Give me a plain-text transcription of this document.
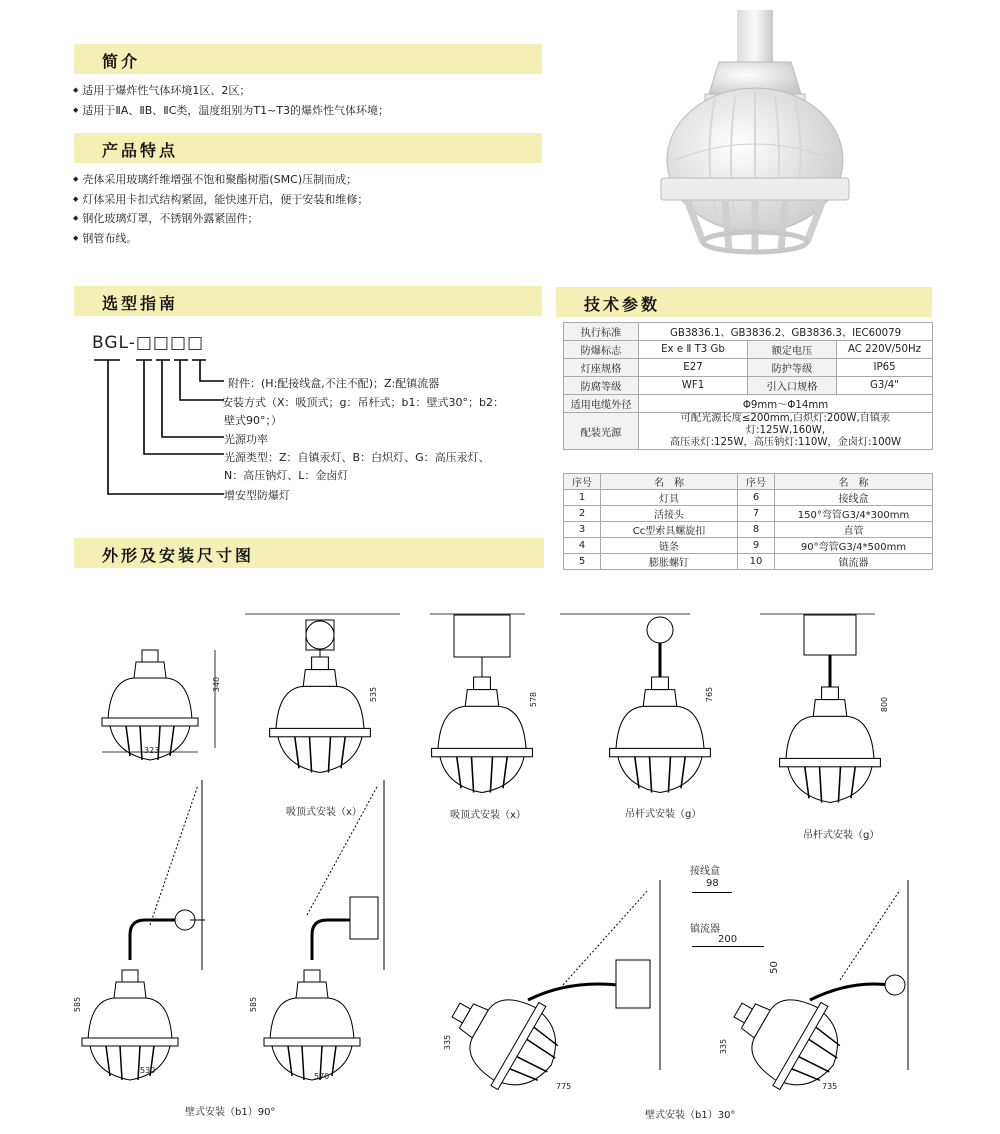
简介
产品特点
选型指南	技术参数
外形及安装尺寸图
◆ 适用于爆炸性气体环境1区、2区；
◆ 适用于ⅡA、ⅡB、ⅡC类，温度组别为T1~T3的爆炸性气体环境；
◆ 壳体采用玻璃纤维增强不饱和聚酯树脂(SMC)压制而成；
◆ 灯体采用卡扣式结构紧固，能快速开启，便于安装和维修；
◆ 钢化玻璃灯罩，不锈钢外露紧固件；
◆ 钢管布线。
BGL-□□□□
附件：(H:配接线盒,不注不配)；Z:配镇流器
安装方式（X：吸顶式；g：吊杆式；b1：壁式30°；b2：
壁式90°；）
光源功率
光源类型：Z：自镇汞灯、B：白炽灯、G：高压汞灯、
N：高压钠灯、L：金卤灯
增安型防爆灯
执行标准	GB3836.1、GB3836.2、GB3836.3、IEC60079		
防爆标志	Ex e Ⅱ T3 Gb	额定电压	AC 220V/50Hz
灯座规格	E27	防护等级	IP65
防腐等级	WF1	引入口规格	G3/4"
适用电缆外径	Φ9mm～Φ14mm		
配装光源	可配光源长度≤200mm,白炽灯:200W,自镇汞灯:125W,160W,
高压汞灯:125W，高压钠灯:110W，金卤灯:100W		
序号	名　称	序号	名　称
1	灯具	6	接线盒
2	活接头	7	150°弯管G3/4*300mm
3	Cc型索具螺旋扣	8	直管
4	链条	9	90°弯管G3/4*500mm
5	膨胀螺钉	10	镇流器
340
323
535	578	765
800
585
530
585
570
335
775
335
735
接线盒
98
镇流器
200
50
吸顶式安装（x）	吸顶式安装（x）	吊杆式安装（g）
吊杆式安装（g）
壁式安装（b1）90°	壁式安装（b1）30°
